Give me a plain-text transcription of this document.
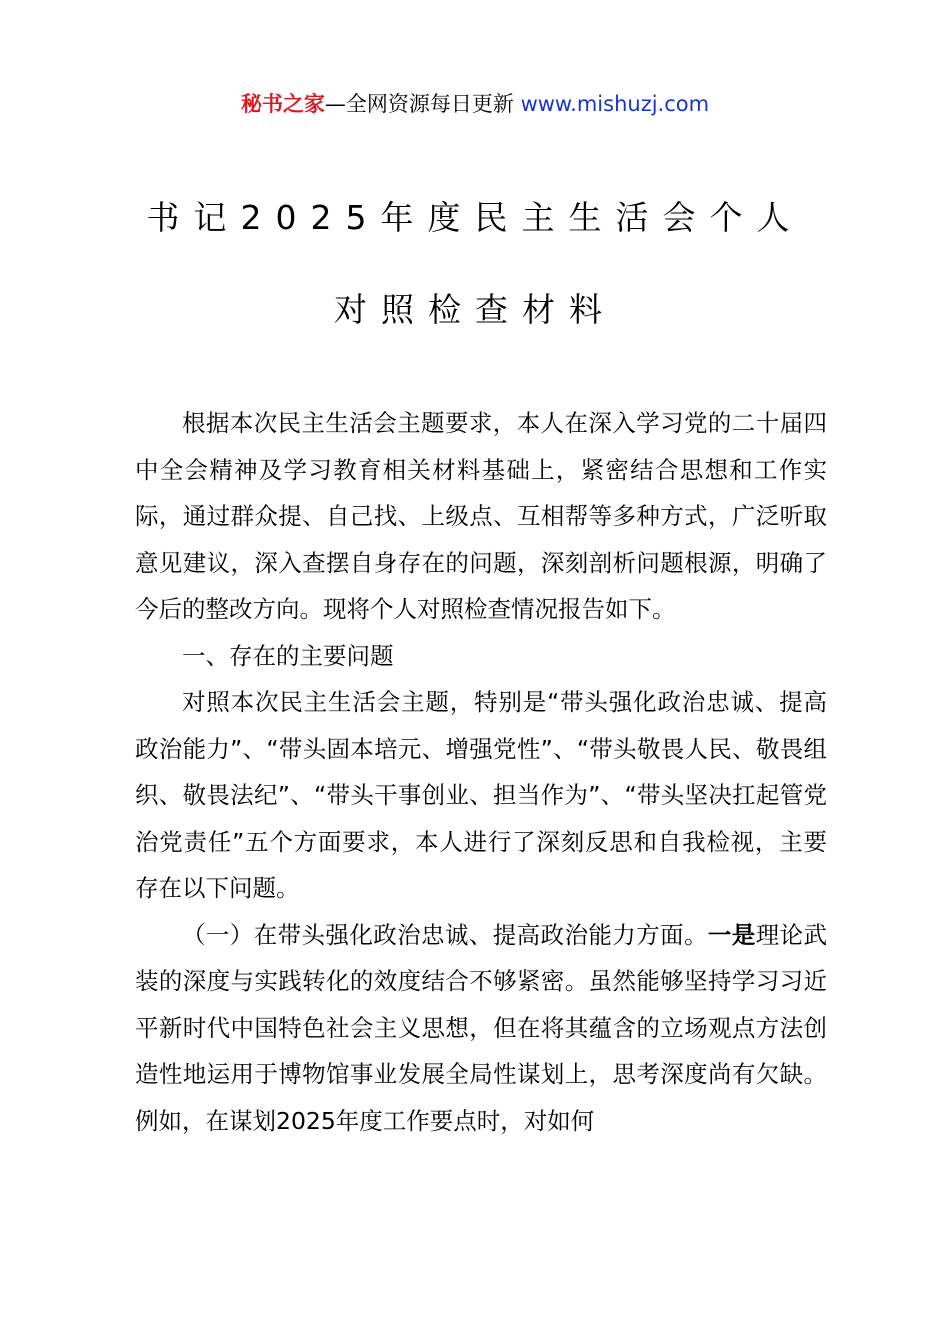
秘书之家—全网资源每日更新 www.mishuzj.com
书记2025年度民主生活会个人
对照检查材料

根据本次民主生活会主题要求，本人在深入学习党的二十届四中全会精神及学习教育相关材料基础上，紧密结合思想和工作实际，通过群众提、自己找、上级点、互相帮等多种方式，广泛听取意见建议，深入查摆自身存在的问题，深刻剖析问题根源，明确了今后的整改方向。现将个人对照检查情况报告如下。

一、存在的主要问题

对照本次民主生活会主题，特别是“带头强化政治忠诚、提高政治能力”、“带头固本培元、增强党性”、“带头敬畏人民、敬畏组织、敬畏法纪”、“带头干事创业、担当作为”、“带头坚决扛起管党治党责任”五个方面要求，本人进行了深刻反思和自我检视，主要存在以下问题。

（一）在带头强化政治忠诚、提高政治能力方面。一是理论武装的深度与实践转化的效度结合不够紧密。虽然能够坚持学习习近平新时代中国特色社会主义思想，但在将其蕴含的立场观点方法创造性地运用于博物馆事业发展全局性谋划上，思考深度尚有欠缺。例如，在谋划2025年度工作要点时，对如何
